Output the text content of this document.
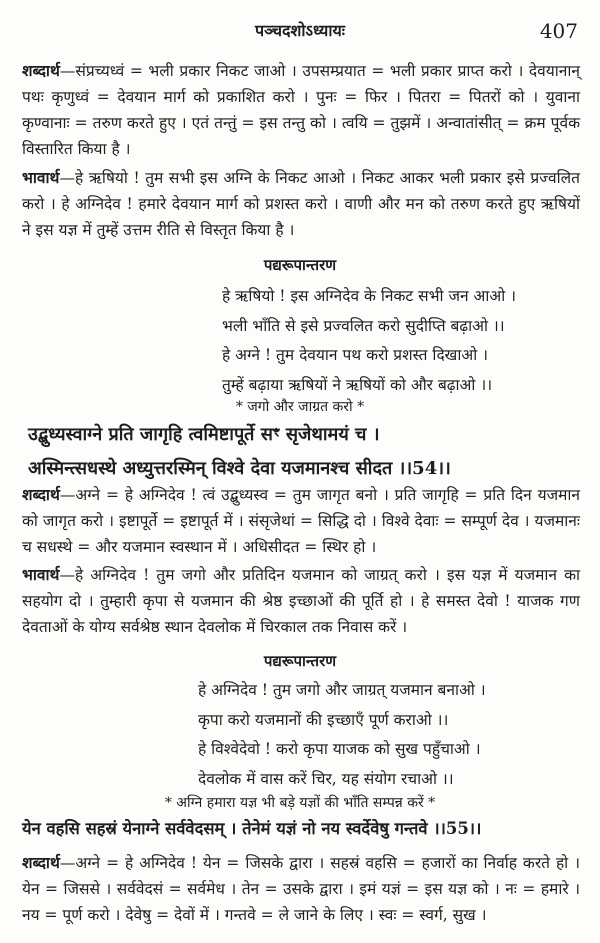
पञ्चदशोऽध्यायः	407
शब्दार्थ—संप्रच्यध्वं = भली प्रकार निकट जाओ । उपसम्प्रयात = भली प्रकार प्राप्त करो । देवयानान् पथः कृणुध्वं = देवयान मार्ग को प्रकाशित करो । पुनः = फिर । पितरा = पितरों को । युवाना कृण्वानाः = तरुण करते हुए । एतं तन्तुं = इस तन्तु को । त्वयि = तुझमें । अन्वातांसीत् = क्रम पूर्वक विस्तारित किया है ।
भावार्थ—हे ऋषियो ! तुम सभी इस अग्नि के निकट आओ । निकट आकर भली प्रकार इसे प्रज्वलित करो । हे अग्निदेव ! हमारे देवयान मार्ग को प्रशस्त करो । वाणी और मन को तरुण करते हुए ऋषियों ने इस यज्ञ में तुम्हें उत्तम रीति से विस्तृत किया है ।
पद्यरूपान्तरण
हे ऋषियो ! इस अग्निदेव के निकट सभी जन आओ ।
भली भाँति से इसे प्रज्वलित करो सुदीप्ति बढ़ाओ ।।
हे अग्ने ! तुम देवयान पथ करो प्रशस्त दिखाओ ।
तुम्हें बढ़ाया ऋषियों ने ऋषियों को और बढ़ाओ ।।
* जगो और जाग्रत करो *
उद्बुध्यस्वाग्ने प्रति जागृहि त्वमिष्टापूर्ते सꣳ सृजेथामयं च ।
अस्मिन्त्सधस्थे अध्युत्तरस्मिन् विश्वे देवा यजमानश्च सीदत ।।54।।
शब्दार्थ—अग्ने = हे अग्निदेव ! त्वं उद्बुध्यस्व = तुम जागृत बनो । प्रति जागृहि = प्रति दिन यजमान को जागृत करो । इष्टापूर्ते = इष्टापूर्त में । संसृजेथां = सिद्धि दो । विश्वे देवाः = सम्पूर्ण देव । यजमानः च सधस्थे = और यजमान स्वस्थान में । अधिसीदत = स्थिर हो ।
भावार्थ—हे अग्निदेव ! तुम जगो और प्रतिदिन यजमान को जाग्रत् करो । इस यज्ञ में यजमान का सहयोग दो । तुम्हारी कृपा से यजमान की श्रेष्ठ इच्छाओं की पूर्ति हो । हे समस्त देवो ! याजक गण देवताओं के योग्य सर्वश्रेष्ठ स्थान देवलोक में चिरकाल तक निवास करें ।
पद्यरूपान्तरण
हे अग्निदेव ! तुम जगो और जाग्रत् यजमान बनाओ ।
कृपा करो यजमानों की इच्छाएँ पूर्ण कराओ ।।
हे विश्वेदेवो ! करो कृपा याजक को सुख पहुँचाओ ।
देवलोक में वास करें चिर, यह संयोग रचाओ ।।
* अग्नि हमारा यज्ञ भी बड़े यज्ञों की भाँति सम्पन्न करें *
येन वहसि सहस्रं येनाग्ने सर्ववेदसम् । तेनेमं यज्ञं नो नय स्वर्देवेषु गन्तवे ।।55।।
शब्दार्थ—अग्ने = हे अग्निदेव ! येन = जिसके द्वारा । सहस्रं वहसि = हजारों का निर्वाह करते हो । येन = जिससे । सर्ववेदसं = सर्वमेध । तेन = उसके द्वारा । इमं यज्ञं = इस यज्ञ को । नः = हमारे । नय = पूर्ण करो । देवेषु = देवों में । गन्तवे = ले जाने के लिए । स्वः = स्वर्ग, सुख ।
